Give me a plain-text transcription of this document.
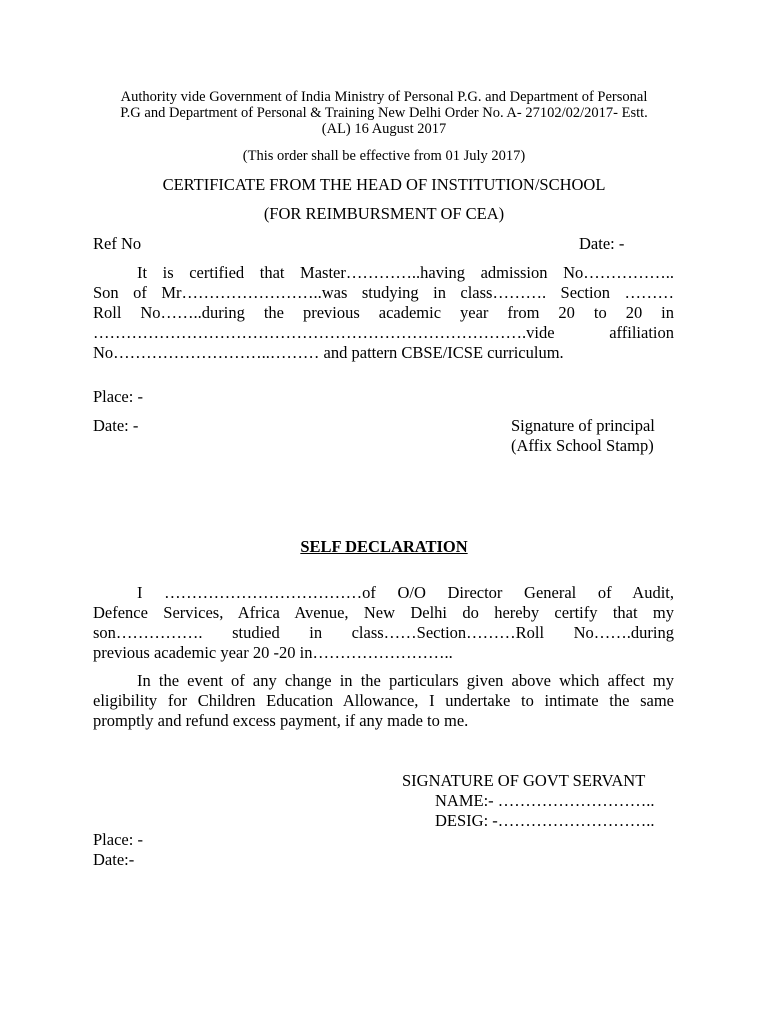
Authority vide Government of India Ministry of Personal P.G. and Department of Personal
P.G and Department of Personal & Training New Delhi Order No. A- 27102/02/2017- Estt.
(AL) 16 August 2017
(This order shall be effective from 01 July 2017)
CERTIFICATE FROM THE HEAD OF INSTITUTION/SCHOOL
(FOR REIMBURSMENT OF CEA)
Ref No	Date: -
It is certified that Master…………..having admission No……………..
Son of Mr……………………..was studying in class………. Section ………
Roll No……..during the previous academic year from 20 to 20 in
…………………………………………………………………….vide affiliation
No………………………..……… and pattern CBSE/ICSE curriculum.
Place: -
Date: -	Signature of principal
(Affix School Stamp)
SELF DECLARATION
I ………………………………of O/O Director General of Audit,
Defence Services, Africa Avenue, New Delhi do hereby certify that my
son……………. studied in class……Section………Roll No…….during
previous academic year 20 -20 in……………………..
In the event of any change in the particulars given above which affect my
eligibility for Children Education Allowance, I undertake to intimate the same
promptly and refund excess payment, if any made to me.
SIGNATURE OF GOVT SERVANT
NAME:- ………………………..
DESIG: -………………………..
Place: -
Date:-
